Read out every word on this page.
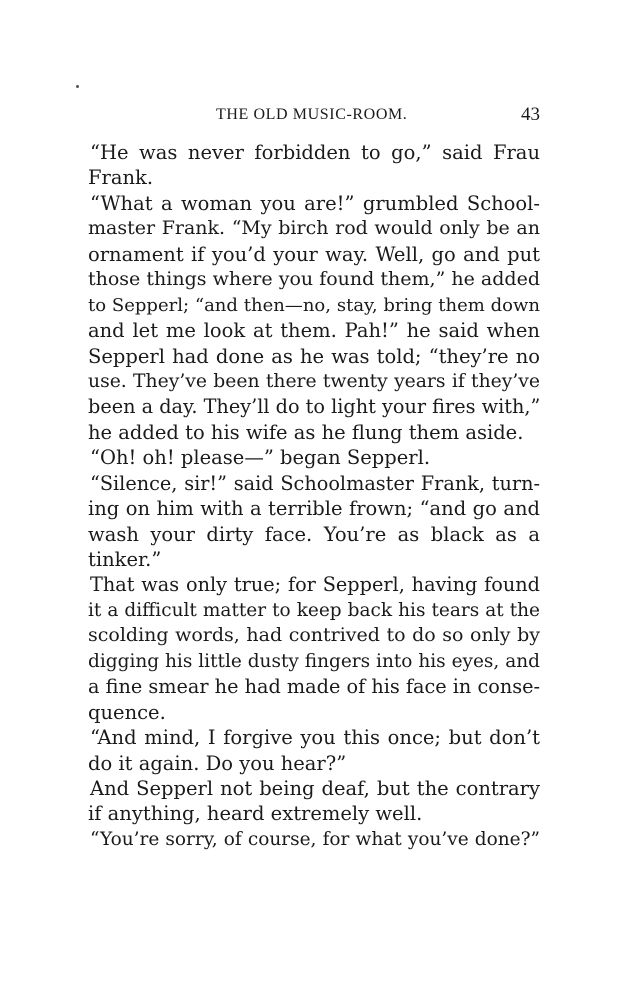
THE OLD MUSIC-ROOM.	43
“He was never forbidden to go,” said Frau
Frank.
“What a woman you are!” grumbled School-
master Frank. “My birch rod would only be an
ornament if you’d your way. Well, go and put
those things where you found them,” he added
to Sepperl; “and then—no, stay, bring them down
and let me look at them. Pah!” he said when
Sepperl had done as he was told; “they’re no
use. They’ve been there twenty years if they’ve
been a day. They’ll do to light your fires with,”
he added to his wife as he flung them aside.
“Oh! oh! please—” began Sepperl.
“Silence, sir!” said Schoolmaster Frank, turn-
ing on him with a terrible frown; “and go and
wash your dirty face. You’re as black as a
tinker.”
That was only true; for Sepperl, having found
it a difficult matter to keep back his tears at the
scolding words, had contrived to do so only by
digging his little dusty fingers into his eyes, and
a fine smear he had made of his face in conse-
quence.
“And mind, I forgive you this once; but don’t
do it again. Do you hear?”
And Sepperl not being deaf, but the contrary
if anything, heard extremely well.
“You’re sorry, of course, for what you’ve done?”
